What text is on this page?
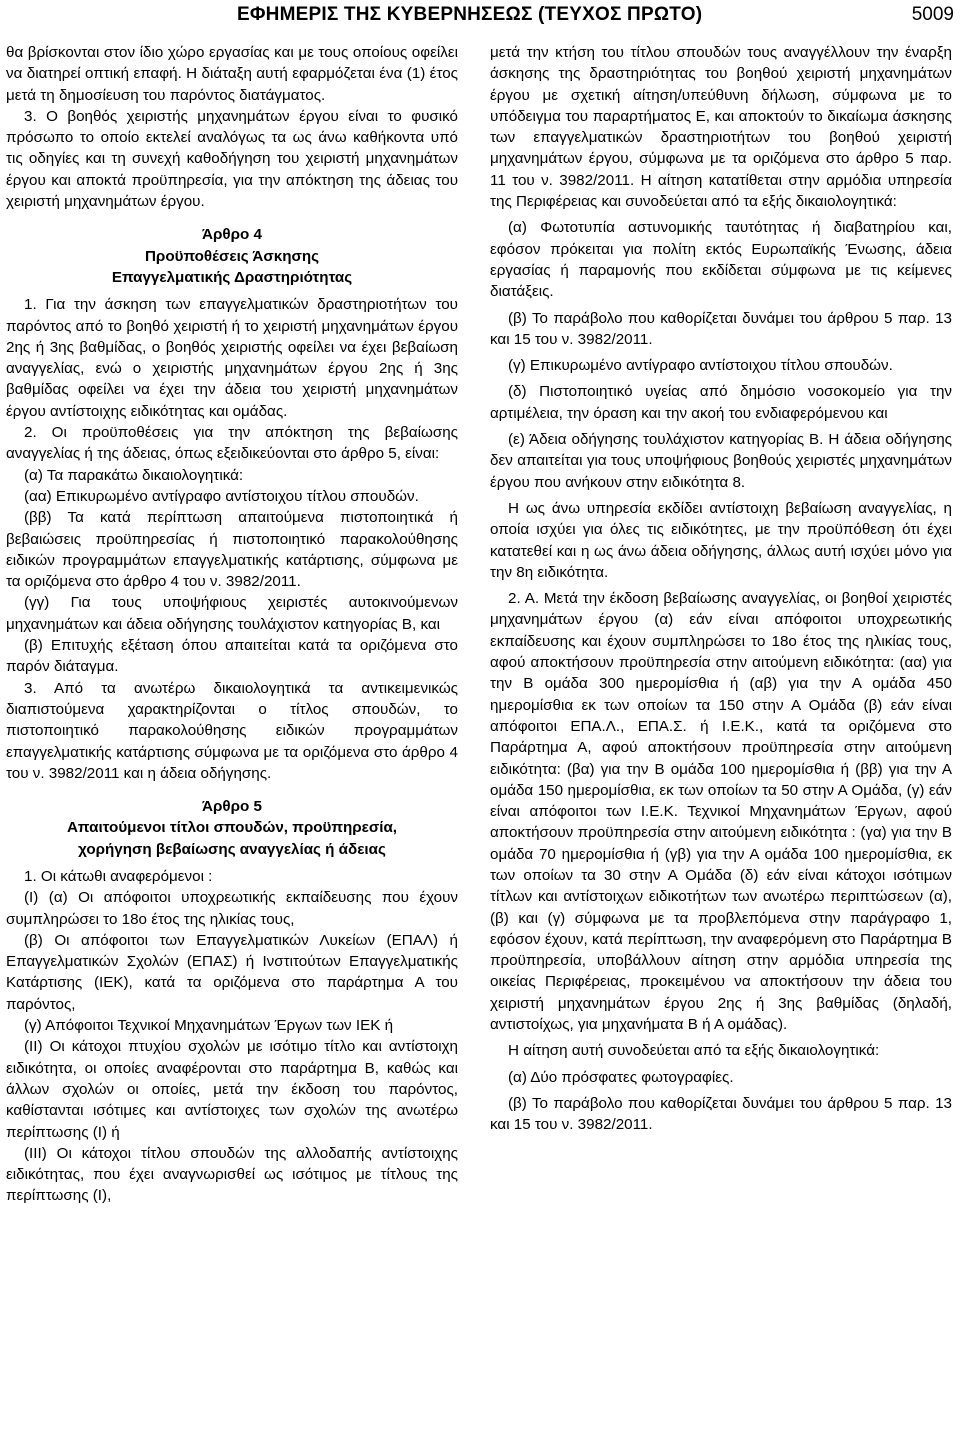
ΕΦΗΜΕΡΙΣ ΤΗΣ ΚΥΒΕΡΝΗΣΕΩΣ (ΤΕΥΧΟΣ ΠΡΩΤΟ)	5009

θα βρίσκονται στον ίδιο χώρο εργασίας και με τους οποίους οφείλει να διατηρεί οπτική επαφή. Η διάταξη αυτή εφαρμόζεται ένα (1) έτος μετά τη δημοσίευση του παρόντος διατάγματος.

3. Ο βοηθός χειριστής μηχανημάτων έργου είναι το φυσικό πρόσωπο το οποίο εκτελεί αναλόγως τα ως άνω καθήκοντα υπό τις οδηγίες και τη συνεχή καθοδήγηση του χειριστή μηχανημάτων έργου και αποκτά προϋπηρεσία, για την απόκτηση της άδειας του χειριστή μηχανημάτων έργου.

Άρθρο 4

Προϋποθέσεις Άσκησης

Επαγγελματικής Δραστηριότητας

1. Για την άσκηση των επαγγελματικών δραστηριοτήτων του παρόντος από το βοηθό χειριστή ή το χειριστή μηχανημάτων έργου 2ης ή 3ης βαθμίδας, ο βοηθός χειριστής οφείλει να έχει βεβαίωση αναγγελίας, ενώ ο χειριστής μηχανημάτων έργου 2ης ή 3ης βαθμίδας οφείλει να έχει την άδεια του χειριστή μηχανημάτων έργου αντίστοιχης ειδικότητας και ομάδας.

2. Οι προϋποθέσεις για την απόκτηση της βεβαίωσης αναγγελίας ή της άδειας, όπως εξειδικεύονται στο άρθρο 5, είναι:

(α) Τα παρακάτω δικαιολογητικά:

(αα) Επικυρωμένο αντίγραφο αντίστοιχου τίτλου σπουδών.

(ββ) Τα κατά περίπτωση απαιτούμενα πιστοποιητικά ή βεβαιώσεις προϋπηρεσίας ή πιστοποιητικό παρακολούθησης ειδικών προγραμμάτων επαγγελματικής κατάρτισης, σύμφωνα με τα οριζόμενα στο άρθρο 4 του ν. 3982/2011.

(γγ) Για τους υποψήφιους χειριστές αυτοκινούμενων μηχανημάτων και άδεια οδήγησης τουλάχιστον κατηγορίας Β, και

(β) Επιτυχής εξέταση όπου απαιτείται κατά τα οριζόμενα στο παρόν διάταγμα.

3. Από τα ανωτέρω δικαιολογητικά τα αντικειμενικώς διαπιστούμενα χαρακτηρίζονται ο τίτλος σπουδών, το πιστοποιητικό παρακολούθησης ειδικών προγραμμάτων επαγγελματικής κατάρτισης σύμφωνα με τα οριζόμενα στο άρθρο 4 του ν. 3982/2011 και η άδεια οδήγησης.

Άρθρο 5

Απαιτούμενοι τίτλοι σπουδών, προϋπηρεσία,

χορήγηση βεβαίωσης αναγγελίας ή άδειας

1. Οι κάτωθι αναφερόμενοι :

(Ι) (α) Οι απόφοιτοι υποχρεωτικής εκπαίδευσης που έχουν συμπληρώσει το 18ο έτος της ηλικίας τους,

(β) Οι απόφοιτοι των Επαγγελματικών Λυκείων (ΕΠΑΛ) ή Επαγγελματικών Σχολών (ΕΠΑΣ) ή Ινστιτούτων Επαγγελματικής Κατάρτισης (ΙΕΚ), κατά τα οριζόμενα στο παράρτημα Α του παρόντος,

(γ) Απόφοιτοι Τεχνικοί Μηχανημάτων Έργων των ΙΕΚ ή

(ΙΙ) Οι κάτοχοι πτυχίου σχολών με ισότιμο τίτλο και αντίστοιχη ειδικότητα, οι οποίες αναφέρονται στο παράρτημα Β, καθώς και άλλων σχολών οι οποίες, μετά την έκδοση του παρόντος, καθίστανται ισότιμες και αντίστοιχες των σχολών της ανωτέρω περίπτωσης (Ι) ή

(ΙΙΙ) Οι κάτοχοι τίτλου σπουδών της αλλοδαπής αντίστοιχης ειδικότητας, που έχει αναγνωρισθεί ως ισότιμος με τίτλους της περίπτωσης (Ι),

μετά την κτήση του τίτλου σπουδών τους αναγγέλλουν την έναρξη άσκησης της δραστηριότητας του βοηθού χειριστή μηχανημάτων έργου με σχετική αίτηση/υπεύθυνη δήλωση, σύμφωνα με το υπόδειγμα του παραρτήματος Ε, και αποκτούν το δικαίωμα άσκησης των επαγγελματικών δραστηριοτήτων του βοηθού χειριστή μηχανημάτων έργου, σύμφωνα με τα οριζόμενα στο άρθρο 5 παρ. 11 του ν. 3982/2011. Η αίτηση κατατίθεται στην αρμόδια υπηρεσία της Περιφέρειας και συνοδεύεται από τα εξής δικαιολογητικά:

(α) Φωτοτυπία αστυνομικής ταυτότητας ή διαβατηρίου και, εφόσον πρόκειται για πολίτη εκτός Ευρωπαϊκής Ένωσης, άδεια εργασίας ή παραμονής που εκδίδεται σύμφωνα με τις κείμενες διατάξεις.

(β) Το παράβολο που καθορίζεται δυνάμει του άρθρου 5 παρ. 13 και 15 του ν. 3982/2011.

(γ) Επικυρωμένο αντίγραφο αντίστοιχου τίτλου σπουδών.

(δ) Πιστοποιητικό υγείας από δημόσιο νοσοκομείο για την αρτιμέλεια, την όραση και την ακοή του ενδιαφερόμενου και

(ε) Άδεια οδήγησης τουλάχιστον κατηγορίας Β. Η άδεια οδήγησης δεν απαιτείται για τους υποψήφιους βοηθούς χειριστές μηχανημάτων έργου που ανήκουν στην ειδικότητα 8.

Η ως άνω υπηρεσία εκδίδει αντίστοιχη βεβαίωση αναγγελίας, η οποία ισχύει για όλες τις ειδικότητες, με την προϋπόθεση ότι έχει κατατεθεί και η ως άνω άδεια οδήγησης, άλλως αυτή ισχύει μόνο για την 8η ειδικότητα.

2. Α. Μετά την έκδοση βεβαίωσης αναγγελίας, οι βοηθοί χειριστές μηχανημάτων έργου (α) εάν είναι απόφοιτοι υποχρεωτικής εκπαίδευσης και έχουν συμπληρώσει το 18ο έτος της ηλικίας τους, αφού αποκτήσουν προϋπηρεσία στην αιτούμενη ειδικότητα: (αα) για την Β ομάδα 300 ημερομίσθια ή (αβ) για την Α ομάδα 450 ημερομίσθια εκ των οποίων τα 150 στην Α Ομάδα (β) εάν είναι απόφοιτοι ΕΠΑ.Λ., ΕΠΑ.Σ. ή Ι.Ε.Κ., κατά τα οριζόμενα στο Παράρτημα Α, αφού αποκτήσουν προϋπηρεσία στην αιτούμενη ειδικότητα: (βα) για την Β ομάδα 100 ημερομίσθια ή (ββ) για την Α ομάδα 150 ημερομίσθια, εκ των οποίων τα 50 στην Α Ομάδα, (γ) εάν είναι απόφοιτοι των Ι.Ε.Κ. Τεχνικοί Μηχανημάτων Έργων, αφού αποκτήσουν προϋπηρεσία στην αιτούμενη ειδικότητα : (γα) για την Β ομάδα 70 ημερομίσθια ή (γβ) για την Α ομάδα 100 ημερομίσθια, εκ των οποίων τα 30 στην Α Ομάδα (δ) εάν είναι κάτοχοι ισότιμων τίτλων και αντίστοιχων ειδικοτήτων των ανωτέρω περιπτώσεων (α), (β) και (γ) σύμφωνα με τα προβλεπόμενα στην παράγραφο 1, εφόσον έχουν, κατά περίπτωση, την αναφερόμενη στο Παράρτημα Β προϋπηρεσία, υποβάλλουν αίτηση στην αρμόδια υπηρεσία της οικείας Περιφέρειας, προκειμένου να αποκτήσουν την άδεια του χειριστή μηχανημάτων έργου 2ης ή 3ης βαθμίδας (δηλαδή, αντιστοίχως, για μηχανήματα Β ή Α ομάδας).

Η αίτηση αυτή συνοδεύεται από τα εξής δικαιολογητικά:

(α) Δύο πρόσφατες φωτογραφίες.

(β) Το παράβολο που καθορίζεται δυνάμει του άρθρου 5 παρ. 13 και 15 του ν. 3982/2011.
